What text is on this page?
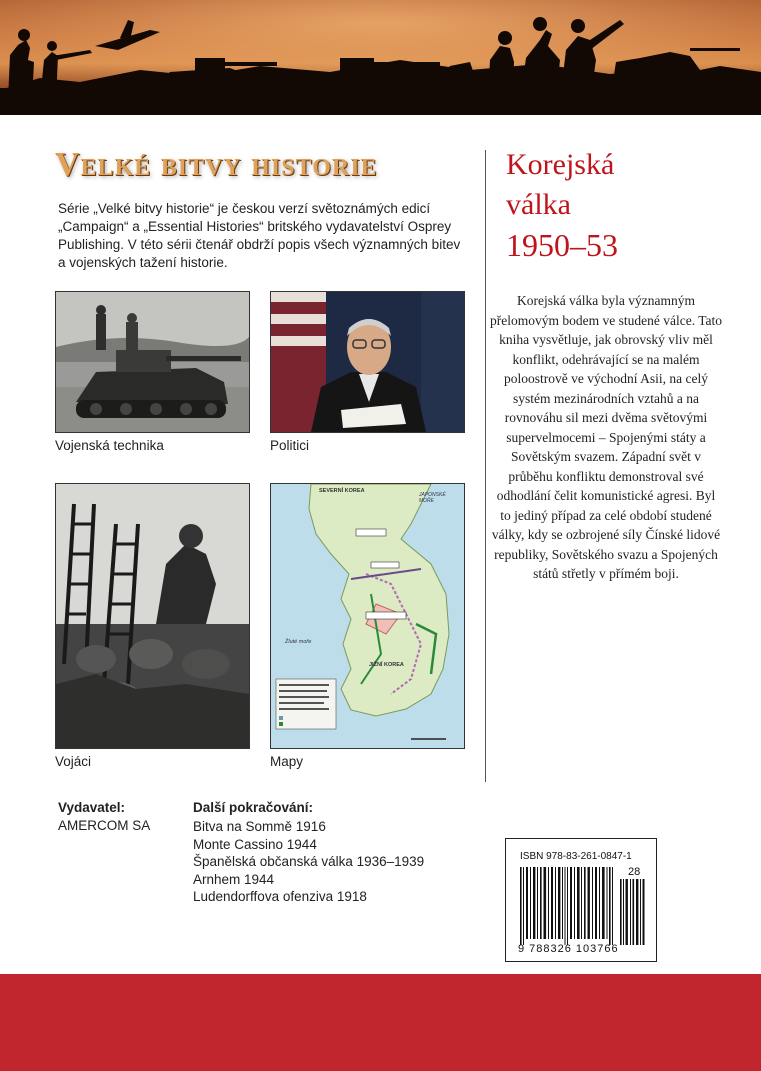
Velké bitvy historie
Série „Velké bitvy historie“ je českou verzí světoznámých edicí „Campaign“ a „Essential Histories“ britského vydavatelství Osprey Publishing. V této sérii čtenář obdrží popis všech významných bitev a vojenských tažení historie.
Vojenská technika	Politici
Vojáci
SEVERNÍ KOREA
JIŽNÍ KOREA
Žluté moře
JAPONSKÉ MOŘE
Mapy
Korejská
válka
1950–53
Korejská válka byla významným přelomovým bodem ve studené válce. Tato kniha vysvětluje, jak obrovský vliv měl konflikt, odehrávající se na malém poloostrově ve východní Asii, na celý systém mezinárodních vztahů a na rovnováhu sil mezi dvěma světovými supervelmocemi – Spojenými státy a Sovětským svazem. Západní svět v průběhu konfliktu demonstroval své odhodlání čelit komunistické agresi. Byl to jediný případ za celé období studené války, kdy se ozbrojené síly Čínské lidové republiky, Sovětského svazu a Spojených států střetly v přímém boji.
Vydavatel:
AMERCOM SA
Další pokračování:
Bitva na Sommě 1916
Monte Cassino 1944
Španělská občanská válka 1936–1939
Arnhem 1944
Ludendorffova ofenziva 1918
ISBN 978-83-261-0847-1
28
9 788326 103766
